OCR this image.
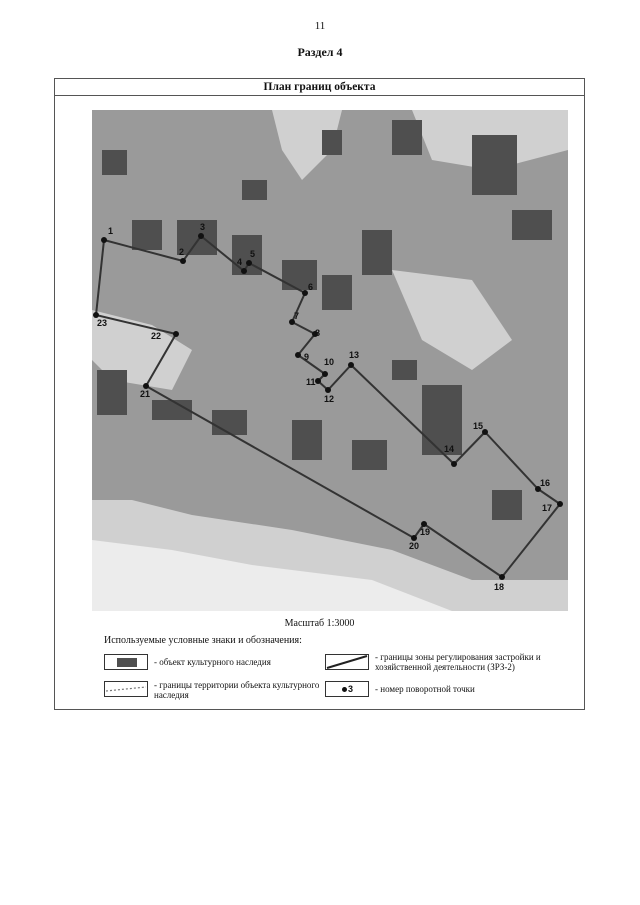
11
Раздел 4
План границ объекта
1
2
3
4
5
6
7
8
9 10
11
12
13
14
15
16
17
18
19
20
21
22
23
Масштаб 1:3000
Используемые условные знаки и обозначения:
- объект культурного наследия	- границы зоны регулирования застройки и хозяйственной деятельности (ЗРЗ-2)
- границы территории объекта культурного наследия
3 - номер поворотной точки
